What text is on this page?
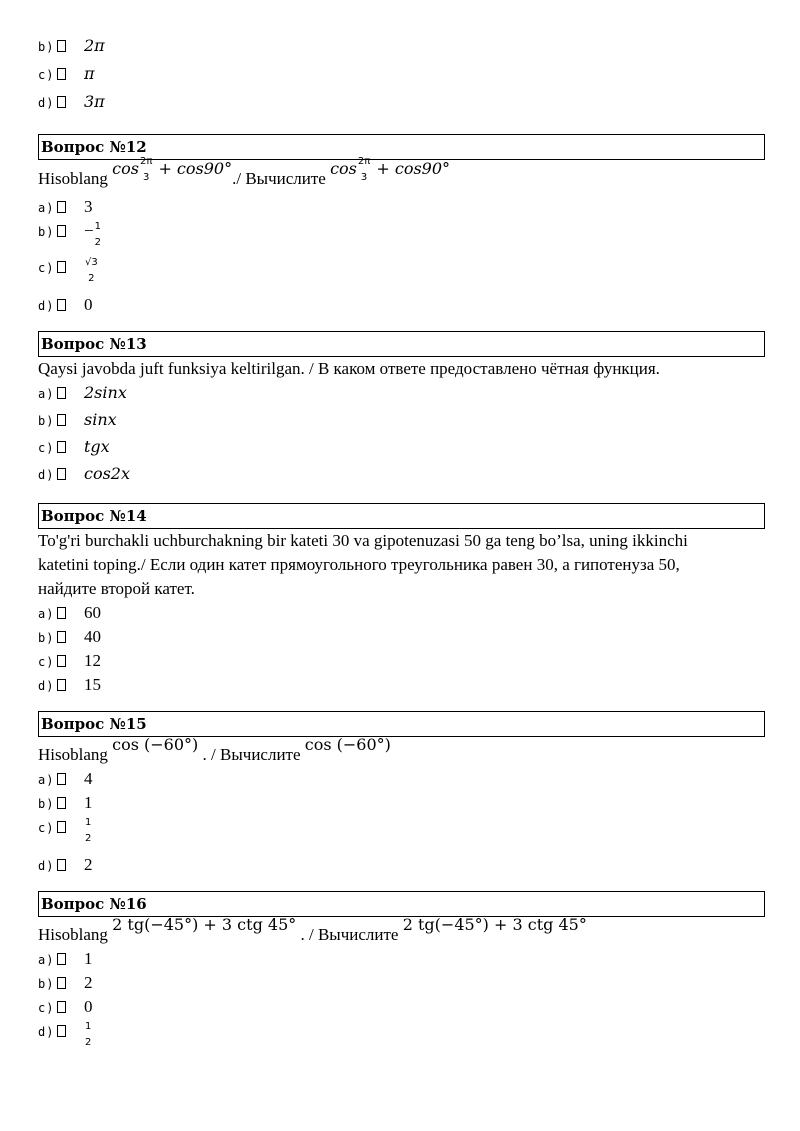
b)	2π
c)	π
d)	3π
Вопрос №12
Hisoblang cos 2π
3 + cos90°./ Вычислите cos 2π
3 + cos90°
a)	3
b)	− 1
2
c)	√3
2
d)	0
Вопрос №13
Qaysi javobda juft funksiya keltirilgan. / В каком ответе предоставлено чётная функция.
a)	2sinx
b)	sinx
c)	tgx
d)	cos2x
Вопрос №14
To'g'ri burchakli uchburchakning bir kateti 30 va gipotenuzasi 50 ga teng bo’lsa, uning ikkinchi
katetini toping./ Если один катет прямоугольного треугольника равен 30, а гипотенуза 50,
найдите второй катет.
a)	60
b)	40
c)	12
d)	15
Вопрос №15
Hisoblang cos (−60°) . / Вычислите cos (−60°)
a)	4
b)	1
c)	1
2
d)	2
Вопрос №16
Hisoblang 2 tg(−45°) + 3 ctg 45° . / Вычислите 2 tg(−45°) + 3 ctg 45°
a)	1
b)	2
c)	0
d)	1
2
